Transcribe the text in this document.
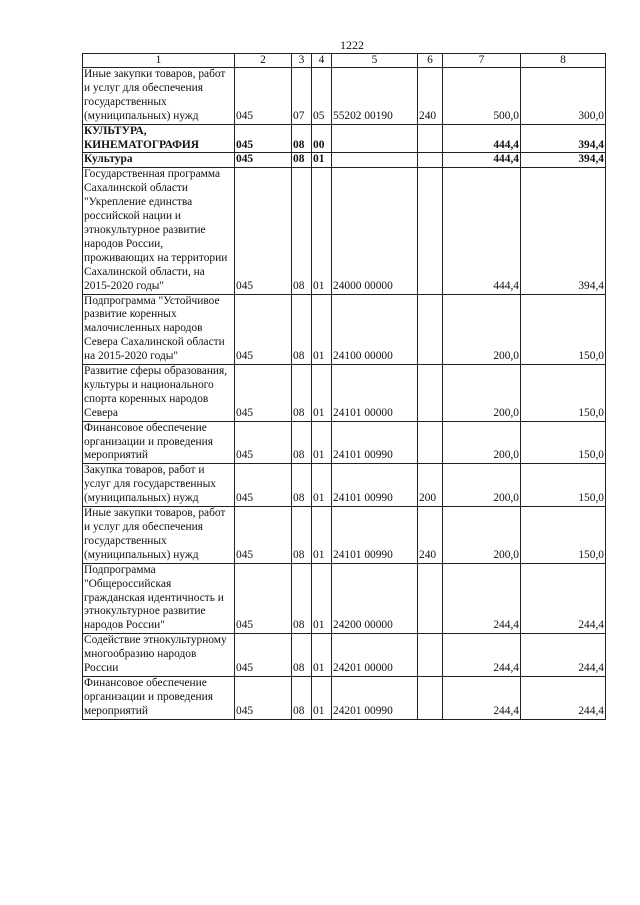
1222
1	2	3	4	5	6	7	8
Иные закупки товаров, работ и услуг для обеспечения государственных (муниципальных) нужд	045	07	05	55202 00190	240	500,0	300,0
КУЛЬТУРА, КИНЕМАТОГРАФИЯ	045	08	00			444,4	394,4
Культура	045	08	01			444,4	394,4
Государственная программа Сахалинской области "Укрепление единства российской нации и этнокультурное развитие народов России, проживающих на территории Сахалинской области, на 2015-2020 годы"	045	08	01	24000 00000		444,4	394,4
Подпрограмма "Устойчивое развитие коренных малочисленных народов Севера Сахалинской области на 2015-2020 годы"	045	08	01	24100 00000		200,0	150,0
Развитие сферы образования, культуры и национального спорта коренных народов Севера	045	08	01	24101 00000		200,0	150,0
Финансовое обеспечение организации и проведения мероприятий	045	08	01	24101 00990		200,0	150,0
Закупка товаров, работ и услуг для государственных (муниципальных) нужд	045	08	01	24101 00990	200	200,0	150,0
Иные закупки товаров, работ и услуг для обеспечения государственных (муниципальных) нужд	045	08	01	24101 00990	240	200,0	150,0
Подпрограмма "Общероссийская гражданская идентичность и этнокультурное развитие народов России"	045	08	01	24200 00000		244,4	244,4
Содействие этнокультурному многообразию народов России	045	08	01	24201 00000		244,4	244,4
Финансовое обеспечение организации и проведения мероприятий	045	08	01	24201 00990		244,4	244,4
